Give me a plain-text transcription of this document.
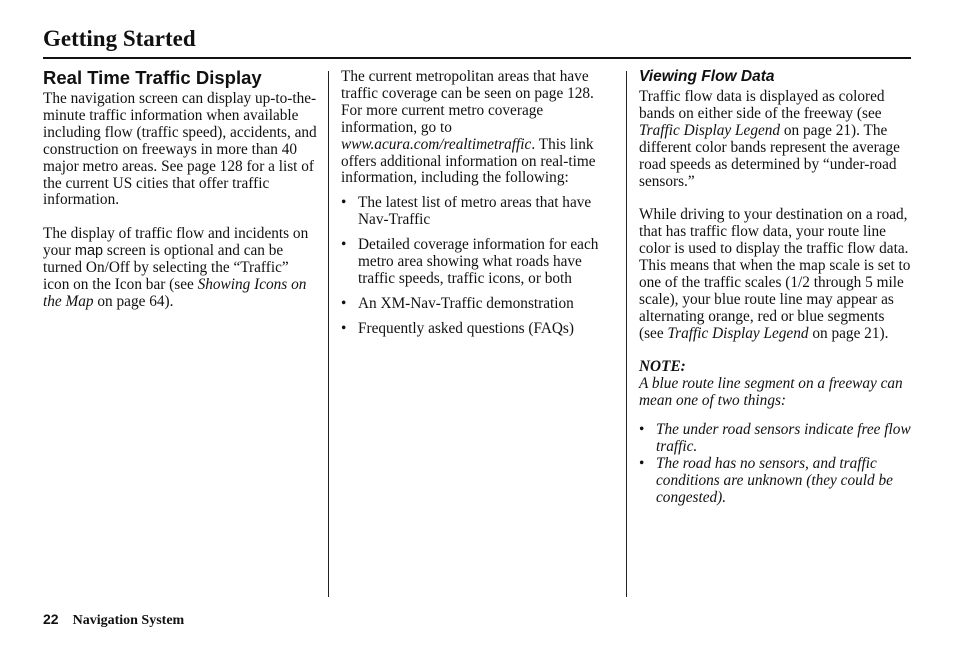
Getting Started
Real Time Traffic Display

The navigation screen can display up-to-the-minute traffic information when available including flow (traffic speed), accidents, and construction on freeways in more than 40 major metro areas. See page 128 for a list of the current US cities that offer traffic information.

The display of traffic flow and incidents on your map screen is optional and can be turned On/Off by selecting the “Traffic” icon on the Icon bar (see Showing Icons on the Map on page 64).

The current metropolitan areas that have traffic coverage can be seen on page 128. For more current metro coverage information, go to www.acura.com/realtimetraffic. This link offers additional information on real-time information, including the following:

• The latest list of metro areas that have Nav-Traffic
• Detailed coverage information for each metro area showing what roads have traffic speeds, traffic icons, or both
• An XM-Nav-Traffic demonstration
• Frequently asked questions (FAQs)
Viewing Flow Data

Traffic flow data is displayed as colored bands on either side of the freeway (see Traffic Display Legend on page 21). The different color bands represent the average road speeds as determined by “under-road sensors.”

While driving to your destination on a road, that has traffic flow data, your route line color is used to display the traffic flow data. This means that when the map scale is set to one of the traffic scales (1/2 through 5 mile scale), your blue route line may appear as alternating orange, red or blue segments (see Traffic Display Legend on page 21).

NOTE:

A blue route line segment on a freeway can mean one of two things:

• The under road sensors indicate free flow traffic.
• The road has no sensors, and traffic conditions are unknown (they could be congested).
22 Navigation System
